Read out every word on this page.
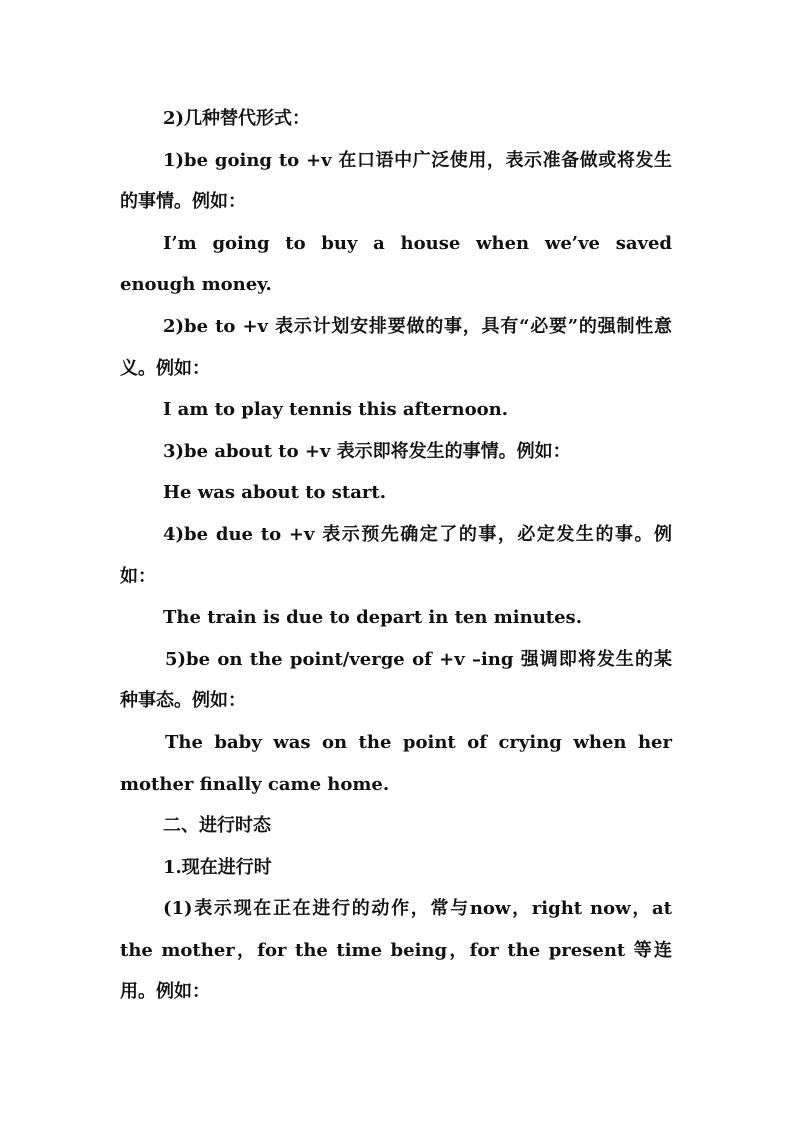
2)几种替代形式：

1)be going to +v 在口语中广泛使用，表示准备做或将发生的事情。例如：

I’m going to buy a house when we’ve saved enough money.

2)be to +v 表示计划安排要做的事，具有“必要”的强制性意义。例如：

I am to play tennis this afternoon.

3)be about to +v 表示即将发生的事情。例如：

He was about to start.

4)be due to +v 表示预先确定了的事，必定发生的事。例如：

The train is due to depart in ten minutes.

5)be on the point/verge of +v –ing 强调即将发生的某种事态。例如：

The baby was on the point of crying when her mother finally came home.

二、进行时态

1.现在进行时

(1)表示现在正在进行的动作，常与now，right now，at the mother，for the time being，for the present 等连用。例如：
